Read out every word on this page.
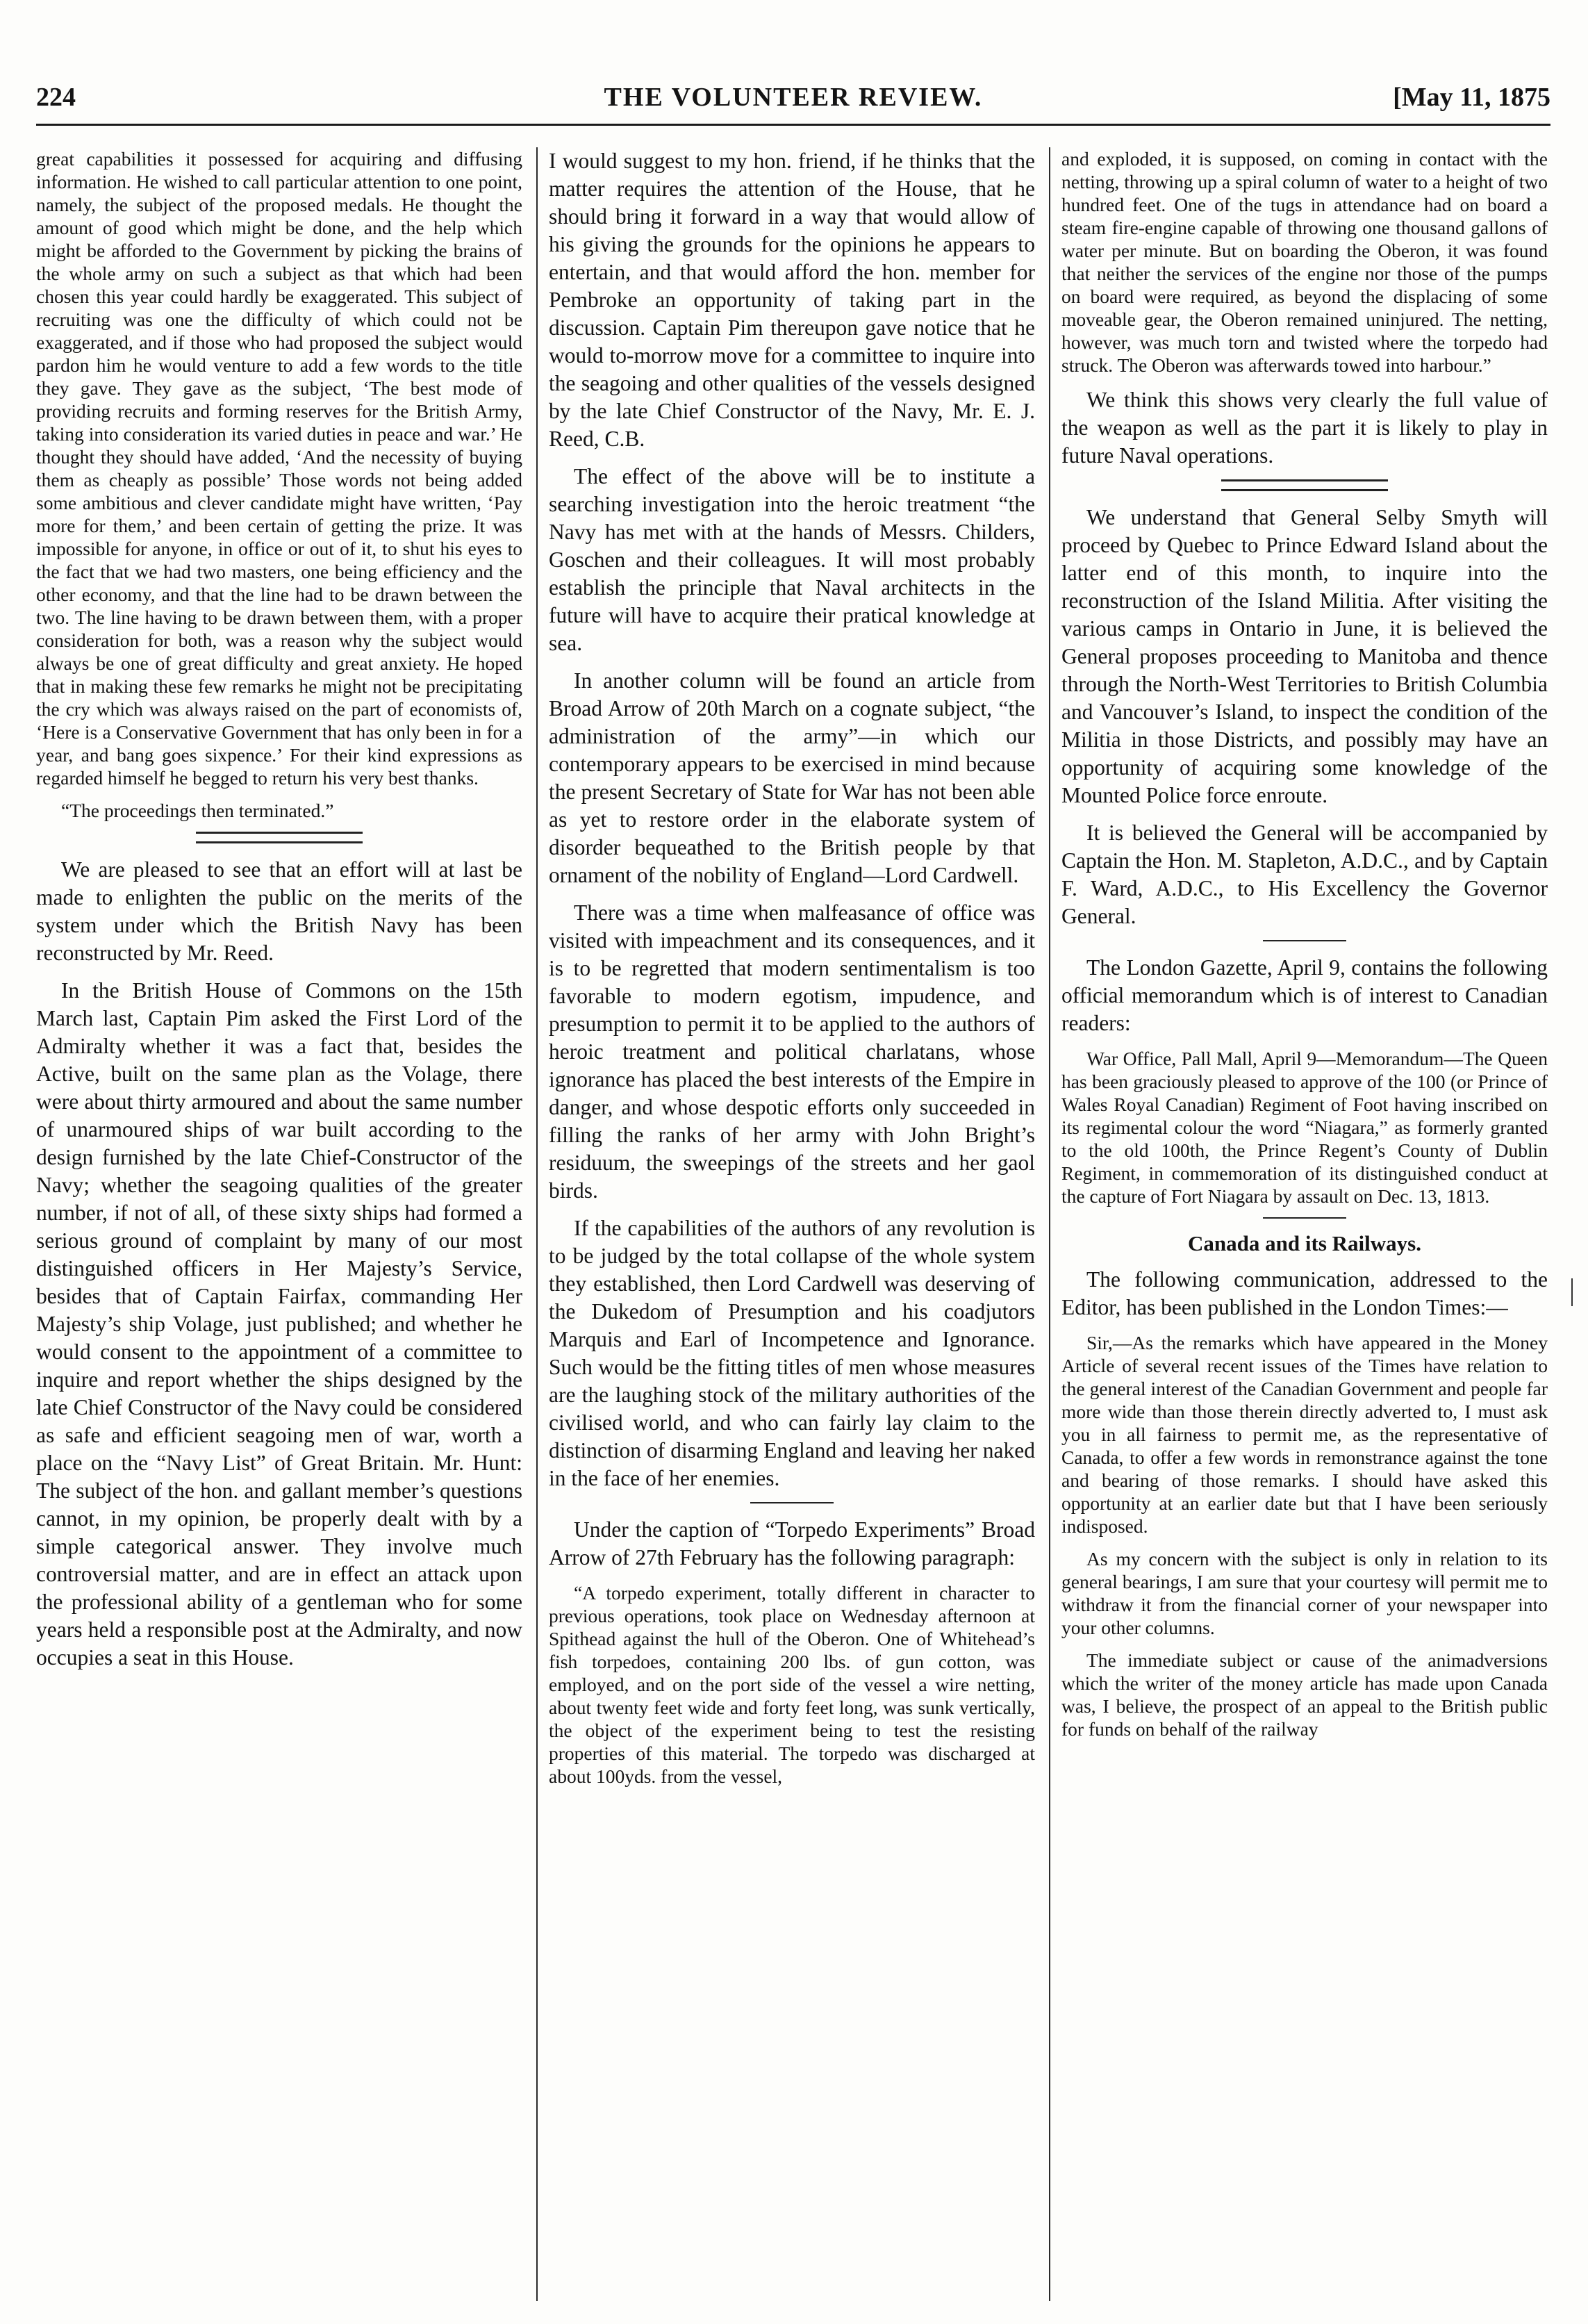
224	THE VOLUNTEER REVIEW.	[May 11, 1875

great capabilities it possessed for acquiring and diffusing information. He wished to call particular attention to one point, namely, the subject of the proposed medals. He thought the amount of good which might be done, and the help which might be afforded to the Government by picking the brains of the whole army on such a subject as that which had been chosen this year could hardly be exaggerated. This subject of recruiting was one the difficulty of which could not be exaggerated, and if those who had proposed the subject would pardon him he would venture to add a few words to the title they gave. They gave as the subject, ‘The best mode of providing recruits and forming reserves for the British Army, taking into consideration its varied duties in peace and war.’ He thought they should have added, ‘And the necessity of buying them as cheaply as possible’ Those words not being added some ambitious and clever candidate might have written, ‘Pay more for them,’ and been certain of getting the prize. It was impossible for anyone, in office or out of it, to shut his eyes to the fact that we had two masters, one being efficiency and the other economy, and that the line had to be drawn between the two. The line having to be drawn between them, with a proper consideration for both, was a reason why the subject would always be one of great difficulty and great anxiety. He hoped that in making these few remarks he might not be precipitating the cry which was always raised on the part of economists of, ‘Here is a Conservative Government that has only been in for a year, and bang goes sixpence.’ For their kind expressions as regarded himself he begged to return his very best thanks.

“The proceedings then terminated.”

We are pleased to see that an effort will at last be made to enlighten the public on the merits of the system under which the British Navy has been reconstructed by Mr. Reed.

In the British House of Commons on the 15th March last, Captain Pim asked the First Lord of the Admiralty whether it was a fact that, besides the Active, built on the same plan as the Volage, there were about thirty armoured and about the same number of unarmoured ships of war built according to the design furnished by the late Chief-Constructor of the Navy; whether the seagoing qualities of the greater number, if not of all, of these sixty ships had formed a serious ground of complaint by many of our most distinguished officers in Her Majesty’s Service, besides that of Captain Fairfax, commanding Her Majesty’s ship Volage, just published; and whether he would consent to the appointment of a committee to inquire and report whether the ships designed by the late Chief Constructor of the Navy could be considered as safe and efficient seagoing men of war, worth a place on the “Navy List” of Great Britain. Mr. Hunt: The subject of the hon. and gallant member’s questions cannot, in my opinion, be properly dealt with by a simple categorical answer. They involve much controversial matter, and are in effect an attack upon the professional ability of a gentleman who for some years held a responsible post at the Admiralty, and now occupies a seat in this House.

I would suggest to my hon. friend, if he thinks that the matter requires the attention of the House, that he should bring it forward in a way that would allow of his giving the grounds for the opinions he appears to entertain, and that would afford the hon. member for Pembroke an opportunity of taking part in the discussion. Captain Pim thereupon gave notice that he would to-morrow move for a committee to inquire into the seagoing and other qualities of the vessels designed by the late Chief Constructor of the Navy, Mr. E. J. Reed, C.B.

The effect of the above will be to institute a searching investigation into the heroic treatment “the Navy has met with at the hands of Messrs. Childers, Goschen and their colleagues. It will most probably establish the principle that Naval architects in the future will have to acquire their pratical knowledge at sea.

In another column will be found an article from Broad Arrow of 20th March on a cognate subject, “the administration of the army”—in which our contemporary appears to be exercised in mind because the present Secretary of State for War has not been able as yet to restore order in the elaborate system of disorder bequeathed to the British people by that ornament of the nobility of England—Lord Cardwell.

There was a time when malfeasance of office was visited with impeachment and its consequences, and it is to be regretted that modern sentimentalism is too favorable to modern egotism, impudence, and presumption to permit it to be applied to the authors of heroic treatment and political charlatans, whose ignorance has placed the best interests of the Empire in danger, and whose despotic efforts only succeeded in filling the ranks of her army with John Bright’s residuum, the sweepings of the streets and her gaol birds.

If the capabilities of the authors of any revolution is to be judged by the total collapse of the whole system they established, then Lord Cardwell was deserving of the Dukedom of Presumption and his coadjutors Marquis and Earl of Incompetence and Ignorance. Such would be the fitting titles of men whose measures are the laughing stock of the military authorities of the civilised world, and who can fairly lay claim to the distinction of disarming England and leaving her naked in the face of her enemies.

Under the caption of “Torpedo Experiments” Broad Arrow of 27th February has the following paragraph:

“A torpedo experiment, totally different in character to previous operations, took place on Wednesday afternoon at Spithead against the hull of the Oberon. One of Whitehead’s fish torpedoes, containing 200 lbs. of gun cotton, was employed, and on the port side of the vessel a wire netting, about twenty feet wide and forty feet long, was sunk vertically, the object of the experiment being to test the resisting properties of this material. The torpedo was discharged at about 100yds. from the vessel,

and exploded, it is supposed, on coming in contact with the netting, throwing up a spiral column of water to a height of two hundred feet. One of the tugs in attendance had on board a steam fire-engine capable of throwing one thousand gallons of water per minute. But on boarding the Oberon, it was found that neither the services of the engine nor those of the pumps on board were required, as beyond the displacing of some moveable gear, the Oberon remained uninjured. The netting, however, was much torn and twisted where the torpedo had struck. The Oberon was afterwards towed into harbour.”

We think this shows very clearly the full value of the weapon as well as the part it is likely to play in future Naval operations.

We understand that General Selby Smyth will proceed by Quebec to Prince Edward Island about the latter end of this month, to inquire into the reconstruction of the Island Militia. After visiting the various camps in Ontario in June, it is believed the General proposes proceeding to Manitoba and thence through the North-West Territories to British Columbia and Vancouver’s Island, to inspect the condition of the Militia in those Districts, and possibly may have an opportunity of acquiring some knowledge of the Mounted Police force enroute.

It is believed the General will be accompanied by Captain the Hon. M. Stapleton, A.D.C., and by Captain F. Ward, A.D.C., to His Excellency the Governor General.

The London Gazette, April 9, contains the following official memorandum which is of interest to Canadian readers:

War Office, Pall Mall, April 9—Memorandum—The Queen has been graciously pleased to approve of the 100 (or Prince of Wales Royal Canadian) Regiment of Foot having inscribed on its regimental colour the word “Niagara,” as formerly granted to the old 100th, the Prince Regent’s County of Dublin Regiment, in commemoration of its distinguished conduct at the capture of Fort Niagara by assault on Dec. 13, 1813.

Canada and its Railways.

The following communication, addressed to the Editor, has been published in the London Times:—

Sir,—As the remarks which have appeared in the Money Article of several recent issues of the Times have relation to the general interest of the Canadian Government and people far more wide than those therein directly adverted to, I must ask you in all fairness to permit me, as the representative of Canada, to offer a few words in remonstrance against the tone and bearing of those remarks. I should have asked this opportunity at an earlier date but that I have been seriously indisposed.

As my concern with the subject is only in relation to its general bearings, I am sure that your courtesy will permit me to withdraw it from the financial corner of your newspaper into your other columns.

The immediate subject or cause of the animadversions which the writer of the money article has made upon Canada was, I believe, the prospect of an appeal to the British public for funds on behalf of the railway
